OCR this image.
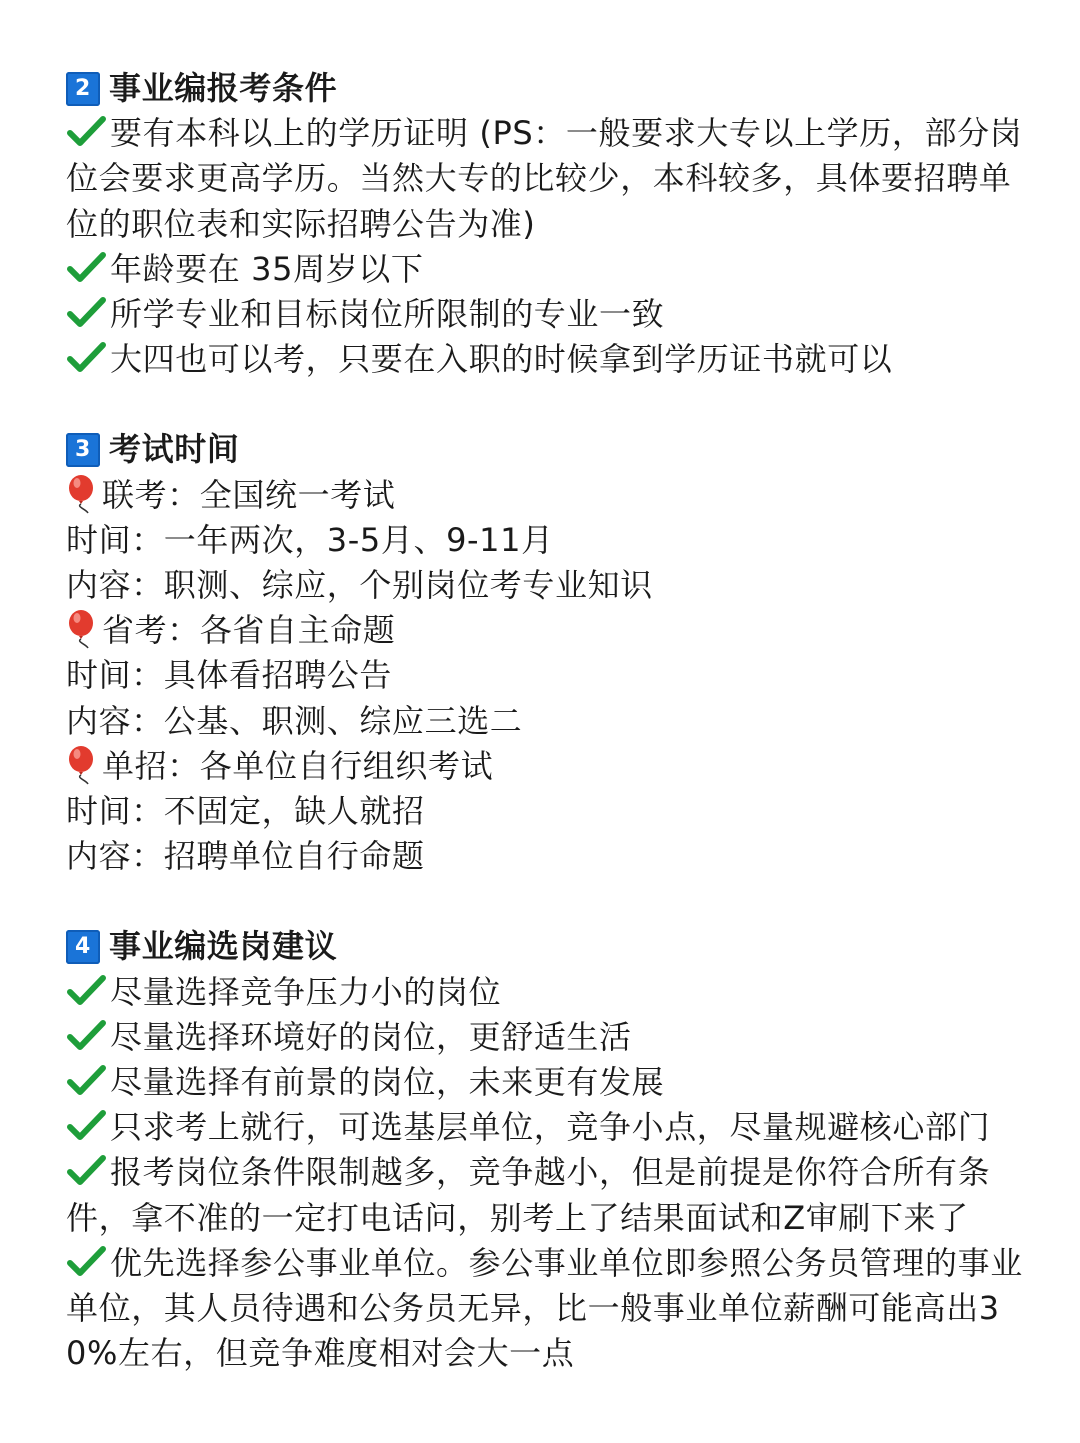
2 事业编报考条件
要有本科以上的学历证明 (PS：一般要求大专以上学历，部分岗位会要求更高学历。当然大专的比较少，本科较多，具体要招聘单位的职位表和实际招聘公告为准)
年龄要在 35周岁以下
所学专业和目标岗位所限制的专业一致
大四也可以考，只要在入职的时候拿到学历证书就可以
3 考试时间
联考：全国统一考试
时间：一年两次，3-5月、9-11月
内容：职测、综应，个别岗位考专业知识
省考：各省自主命题
时间：具体看招聘公告
内容：公基、职测、综应三选二
单招：各单位自行组织考试
时间：不固定，缺人就招
内容：招聘单位自行命题
4 事业编选岗建议
尽量选择竞争压力小的岗位
尽量选择环境好的岗位，更舒适生活
尽量选择有前景的岗位，未来更有发展
只求考上就行，可选基层单位，竞争小点，尽量规避核心部门
报考岗位条件限制越多，竞争越小，但是前提是你符合所有条件，拿不准的一定打电话问，别考上了结果面试和Z审刷下来了
优先选择参公事业单位。参公事业单位即参照公务员管理的事业单位，其人员待遇和公务员无异，比一般事业单位薪酬可能高出30%左右，但竞争难度相对会大一点
